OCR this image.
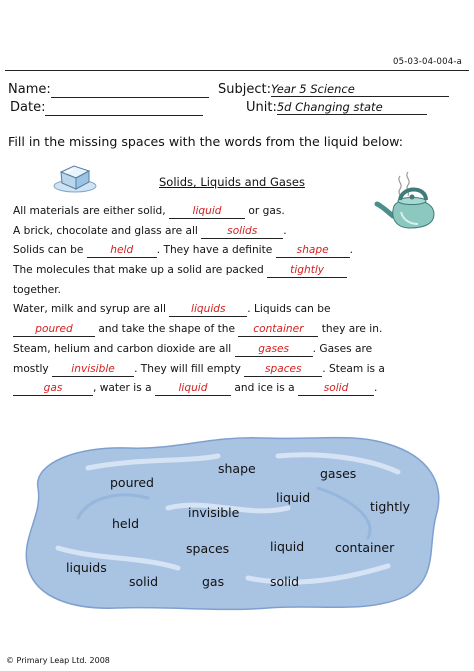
05-03-04-004-a
Name:
Date:
Subject:Year 5 Science
Unit:5d Changing state
Fill in the missing spaces with the words from the liquid below:
Solids, Liquids and Gases
All materials are either solid,	liquid	or gas.
A brick, chocolate and glass are all	solids .
Solids can be	held . They have a definite shape .
The molecules that make up a solid are packed tightly
together.
Water, milk and syrup are all liquids . Liquids can be
poured and take the shape of the container they are in.
Steam, helium and carbon dioxide are all	gases . Gases are
mostly invisible . They will fill empty spaces . Steam is a
gas	, water is a	liquid	and ice is a	solid .
shape	gases
poured
liquid
tightly
invisible
held
spaces	liquid container
liquids
solid	gas	solid
© Primary Leap Ltd. 2008
